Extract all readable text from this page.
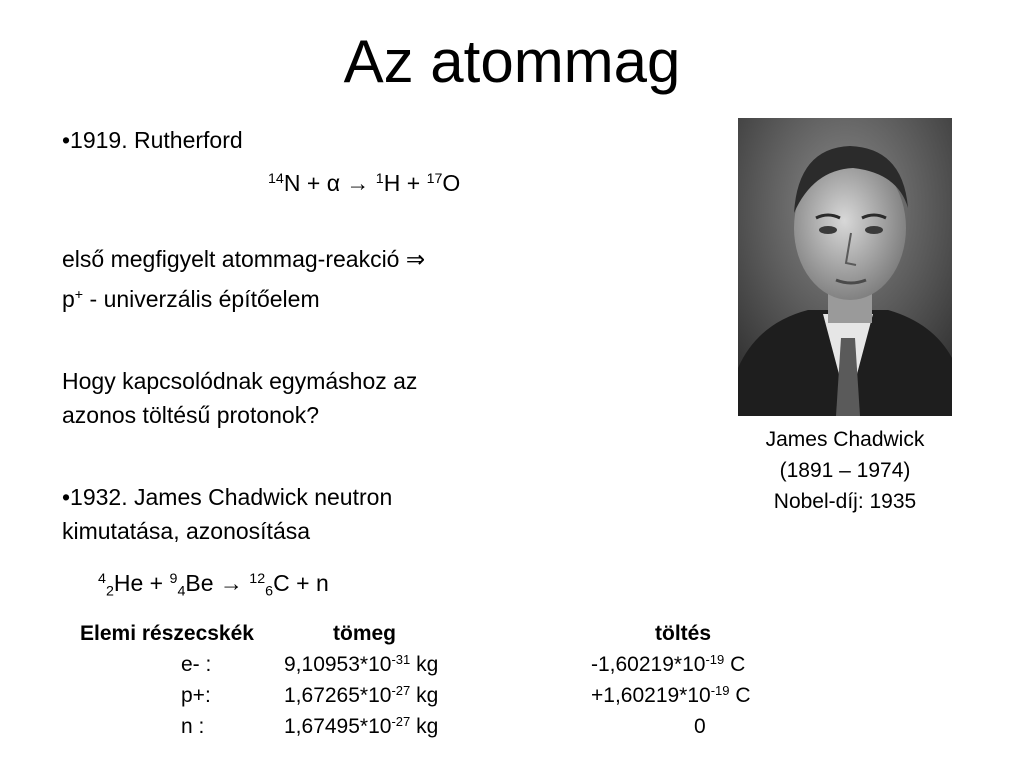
Az atommag
•1919. Rutherford
$^{14}$N + α → $^1$H + $^{17}$O
első megfigyelt atommag-reakció ⇒
p+ - univerzális építőelem
Hogy kapcsolódnak egymáshoz az
azonos töltésű protonok?
•1932. James Chadwick neutron
kimutatása, azonosítása
$^4_2$He + $^9_4$Be → $^{12}_6$C + n
James Chadwick
(1891 – 1974)
Nobel-díj: 1935
Elemi részecskék	tömeg	töltés
e- :	$9,10953*10^{-31}$ kg	$-1,60219*10^{-19}$ C
p+:	$1,67265*10^{-27}$ kg	$+1,60219*10^{-19}$ C
n :	$1,67495*10^{-27}$ kg	0
